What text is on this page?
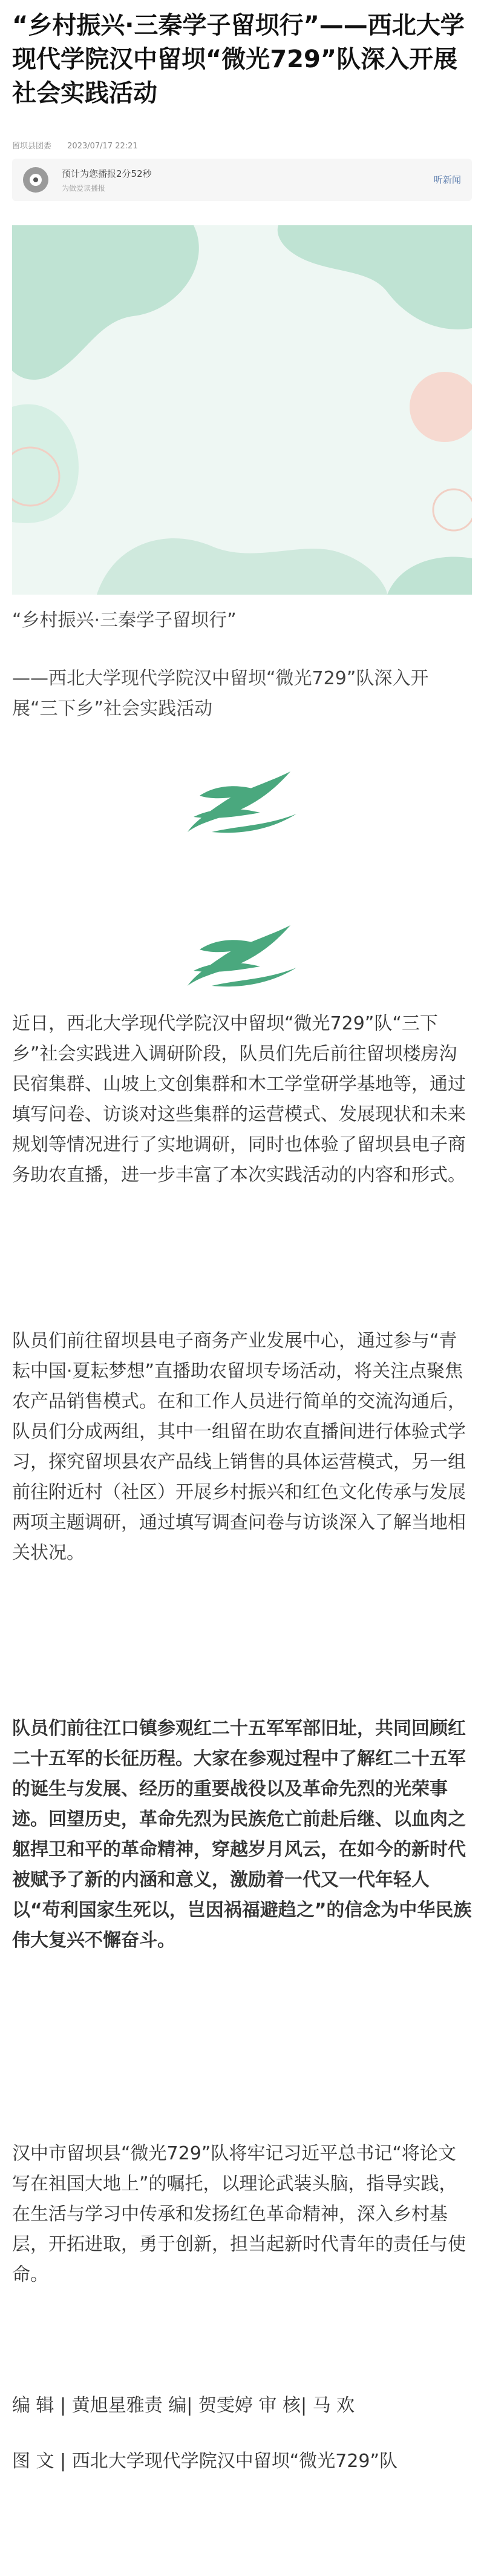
“乡村振兴·三秦学子留坝行”——西北大学现代学院汉中留坝“微光729”队深入开展社会实践活动
留坝县团委 2023/07/17 22:21
预计为您播报2分52秒
为做爱读播报
听新闻

“乡村振兴·三秦学子留坝行”

——西北大学现代学院汉中留坝“微光729”队深入开展“三下乡”社会实践活动

近日，西北大学现代学院汉中留坝“微光729”队“三下乡”社会实践进入调研阶段，队员们先后前往留坝楼房沟民宿集群、山坡上文创集群和木工学堂研学基地等，通过填写问卷、访谈对这些集群的运营模式、发展现状和未来规划等情况进行了实地调研，同时也体验了留坝县电子商务助农直播，进一步丰富了本次实践活动的内容和形式。

队员们前往留坝县电子商务产业发展中心，通过参与“青耘中国·夏耘梦想”直播助农留坝专场活动，将关注点聚焦农产品销售模式。在和工作人员进行简单的交流沟通后，队员们分成两组，其中一组留在助农直播间进行体验式学习，探究留坝县农产品线上销售的具体运营模式，另一组前往附近村（社区）开展乡村振兴和红色文化传承与发展两项主题调研，通过填写调查问卷与访谈深入了解当地相关状况。

队员们前往江口镇参观红二十五军军部旧址，共同回顾红二十五军的长征历程。大家在参观过程中了解红二十五军的诞生与发展、经历的重要战役以及革命先烈的光荣事迹。回望历史，革命先烈为民族危亡前赴后继、以血肉之躯捍卫和平的革命精神，穿越岁月风云，在如今的新时代被赋予了新的内涵和意义，激励着一代又一代年轻人以“苟利国家生死以，岂因祸福避趋之”的信念为中华民族伟大复兴不懈奋斗。

汉中市留坝县“微光729”队将牢记习近平总书记“将论文写在祖国大地上”的嘱托，以理论武装头脑，指导实践，在生活与学习中传承和发扬红色革命精神，深入乡村基层，开拓进取，勇于创新，担当起新时代青年的责任与使命。

编 辑 | 黄旭星雅责 编| 贺雯婷 审 核| 马 欢

图 文 | 西北大学现代学院汉中留坝“微光729”队
